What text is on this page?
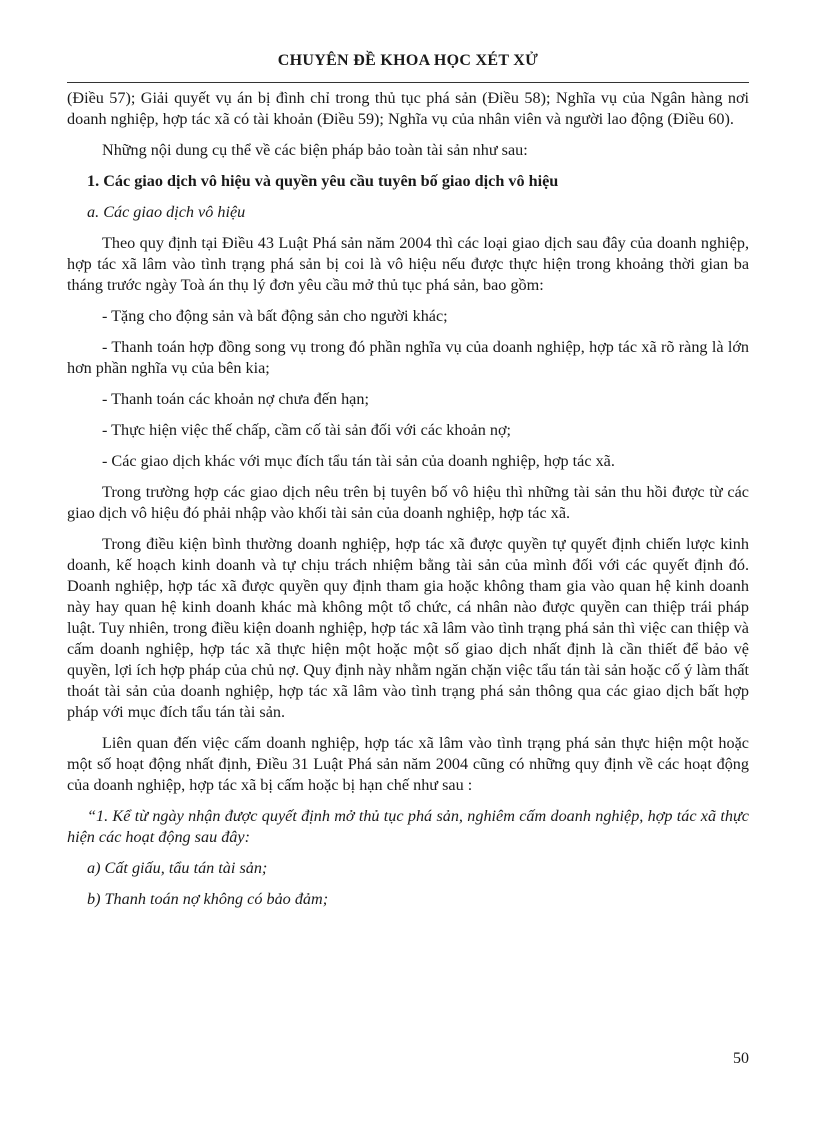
CHUYÊN ĐỀ KHOA HỌC XÉT XỬ

(Điều 57); Giải quyết vụ án bị đình chỉ trong thủ tục phá sản (Điều 58); Nghĩa vụ của Ngân hàng nơi doanh nghiệp, hợp tác xã có tài khoản (Điều 59); Nghĩa vụ của nhân viên và người lao động (Điều 60).

Những nội dung cụ thể về các biện pháp bảo toàn tài sản như sau:

1. Các giao dịch vô hiệu và quyền yêu cầu tuyên bố giao dịch vô hiệu

a. Các giao dịch vô hiệu

Theo quy định tại Điều 43 Luật Phá sản năm 2004 thì các loại giao dịch sau đây của doanh nghiệp, hợp tác xã lâm vào tình trạng phá sản bị coi là vô hiệu nếu được thực hiện trong khoảng thời gian ba tháng trước ngày Toà án thụ lý đơn yêu cầu mở thủ tục phá sản, bao gồm:

- Tặng cho động sản và bất động sản cho người khác;

- Thanh toán hợp đồng song vụ trong đó phần nghĩa vụ của doanh nghiệp, hợp tác xã rõ ràng là lớn hơn phần nghĩa vụ của bên kia;

- Thanh toán các khoản nợ chưa đến hạn;

- Thực hiện việc thế chấp, cầm cố tài sản đối với các khoản nợ;

- Các giao dịch khác với mục đích tẩu tán tài sản của doanh nghiệp, hợp tác xã.

Trong trường hợp các giao dịch nêu trên bị tuyên bố vô hiệu thì những tài sản thu hồi được từ các giao dịch vô hiệu đó phải nhập vào khối tài sản của doanh nghiệp, hợp tác xã.

Trong điều kiện bình thường doanh nghiệp, hợp tác xã được quyền tự quyết định chiến lược kinh doanh, kế hoạch kinh doanh và tự chịu trách nhiệm bằng tài sản của mình đối với các quyết định đó. Doanh nghiệp, hợp tác xã được quyền quy định tham gia hoặc không tham gia vào quan hệ kinh doanh này hay quan hệ kinh doanh khác mà không một tổ chức, cá nhân nào được quyền can thiệp trái pháp luật. Tuy nhiên, trong điều kiện doanh nghiệp, hợp tác xã lâm vào tình trạng phá sản thì việc can thiệp và cấm doanh nghiệp, hợp tác xã thực hiện một hoặc một số giao dịch nhất định là cần thiết để bảo vệ quyền, lợi ích hợp pháp của chủ nợ. Quy định này nhằm ngăn chặn việc tẩu tán tài sản hoặc cố ý làm thất thoát tài sản của doanh nghiệp, hợp tác xã lâm vào tình trạng phá sản thông qua các giao dịch bất hợp pháp với mục đích tẩu tán tài sản.

Liên quan đến việc cấm doanh nghiệp, hợp tác xã lâm vào tình trạng phá sản thực hiện một hoặc một số hoạt động nhất định, Điều 31 Luật Phá sản năm 2004 cũng có những quy định về các hoạt động của doanh nghiệp, hợp tác xã bị cấm hoặc bị hạn chế như sau :

“1. Kể từ ngày nhận được quyết định mở thủ tục phá sản, nghiêm cấm doanh nghiệp, hợp tác xã thực hiện các hoạt động sau đây:

a) Cất giấu, tẩu tán tài sản;

b) Thanh toán nợ không có bảo đảm;

50
